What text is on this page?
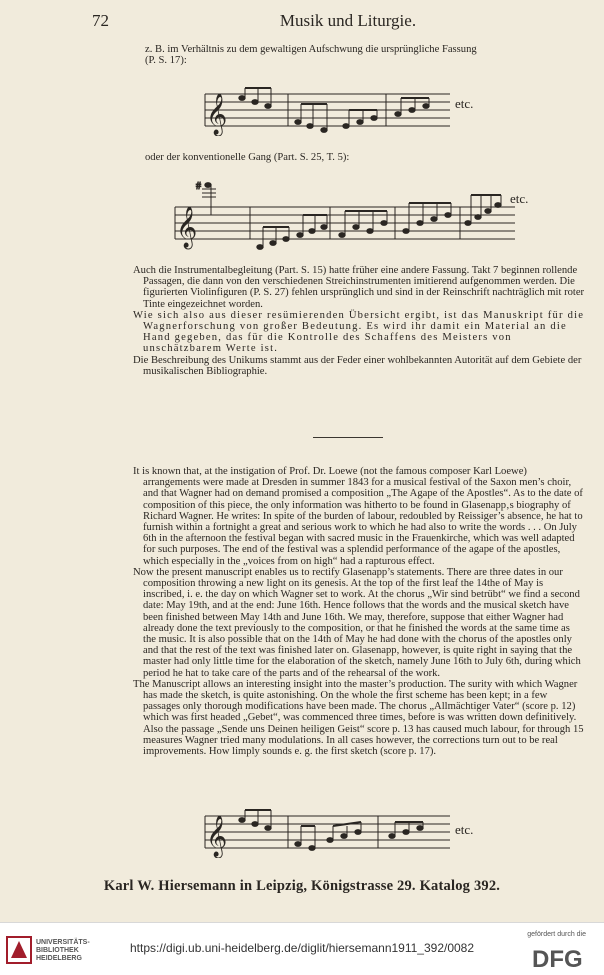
72	Musik und Liturgie.

z. B. im Verhältnis zu dem gewaltigen Aufschwung die ursprüngliche Fassung

(P. S. 17):

𝄞	etc.
oder der konventionelle Gang (Part. S. 25, T. 5):
𝄞
#
etc.

Auch die Instrumentalbegleitung (Part. S. 15) hatte früher eine andere Fassung. Takt 7 beginnen rollende Passagen, die dann von den verschiedenen Streichinstrumenten imitierend aufgenommen werden. Die figurierten Violinfiguren (P. S. 27) fehlen ursprünglich und sind in der Reinschrift nachträglich mit roter Tinte eingezeichnet worden.

Wie sich also aus dieser resümierenden Übersicht ergibt, ist das Manuskript für die Wagnerforschung von großer Bedeutung. Es wird ihr damit ein Material an die Hand gegeben, das für die Kontrolle des Schaffens des Meisters von unschätzbarem Werte ist.

Die Beschreibung des Unikums stammt aus der Feder einer wohlbekannten Autorität auf dem Gebiete der musikalischen Bibliographie.

It is known that, at the instigation of Prof. Dr. Loewe (not the famous composer Karl Loewe) arrangements were made at Dresden in summer 1843 for a musical festival of the Saxon men’s choir, and that Wagner had on demand promised a composition „The Agape of the Apostles“. As to the date of composition of this piece, the only information was hitherto to be found in Glasenapp‚s biography of Richard Wagner. He writes: In spite of the burden of labour, redoubled by Reissiger’s absence, he hat to furnish within a fortnight a great and serious work to which he had also to write the words . . . On July 6th in the afternoon the festival began with sacred music in the Frauenkirche, which was well adapted for such purposes. The end of the festival was a splendid performance of the agape of the apostles, which especially in the „voices from on high“ had a rapturous effect.

Now the present manuscript enables us to rectify Glasenapp’s statements. There are three dates in our composition throwing a new light on its genesis. At the top of the first leaf the 14the of May is inscribed, i. e. the day on which Wagner set to work. At the chorus „Wir sind betrübt“ we find a second date: May 19th, and at the end: June 16th. Hence follows that the words and the musical sketch have been finished between May 14th and June 16th. We may, therefore, suppose that either Wagner had already done the text previously to the composition, or that he finished the words at the same time as the music. It is also possible that on the 14th of May he had done with the chorus of the apostles only and that the rest of the text was finished later on. Glasenapp, however, is quite right in saying that the master had only little time for the elaboration of the sketch, namely June 16th to July 6th, during which period he hat to take care of the parts and of the rehearsal of the work.

The Manuscript allows an interesting insight into the master’s production. The surity with which Wagner has made the sketch, is quite astonishing. On the whole the first scheme has been kept; in a few passages only thorough modifications have been made. The chorus „Allmächtiger Vater“ (score p. 12) which was first headed „Gebet“, was commenced three times, before is was written down definitively. Also the passage „Sende uns Deinen heiligen Geist“ score p. 13 has caused much labour, for through 15 measures Wagner tried many modulations. In all cases however, the corrections turn out to be real improvements. How limply sounds e. g. the first sketch (score p. 17).

𝄞	etc.
Karl W. Hiersemann in Leipzig, Königstrasse 29. Katalog 392.
UNIVERSITÄTS-
BIBLIOTHEK
HEIDELBERG
https://digi.ub.uni-heidelberg.de/diglit/hiersemann1911_392/0082
gefördert durch die
DFG
